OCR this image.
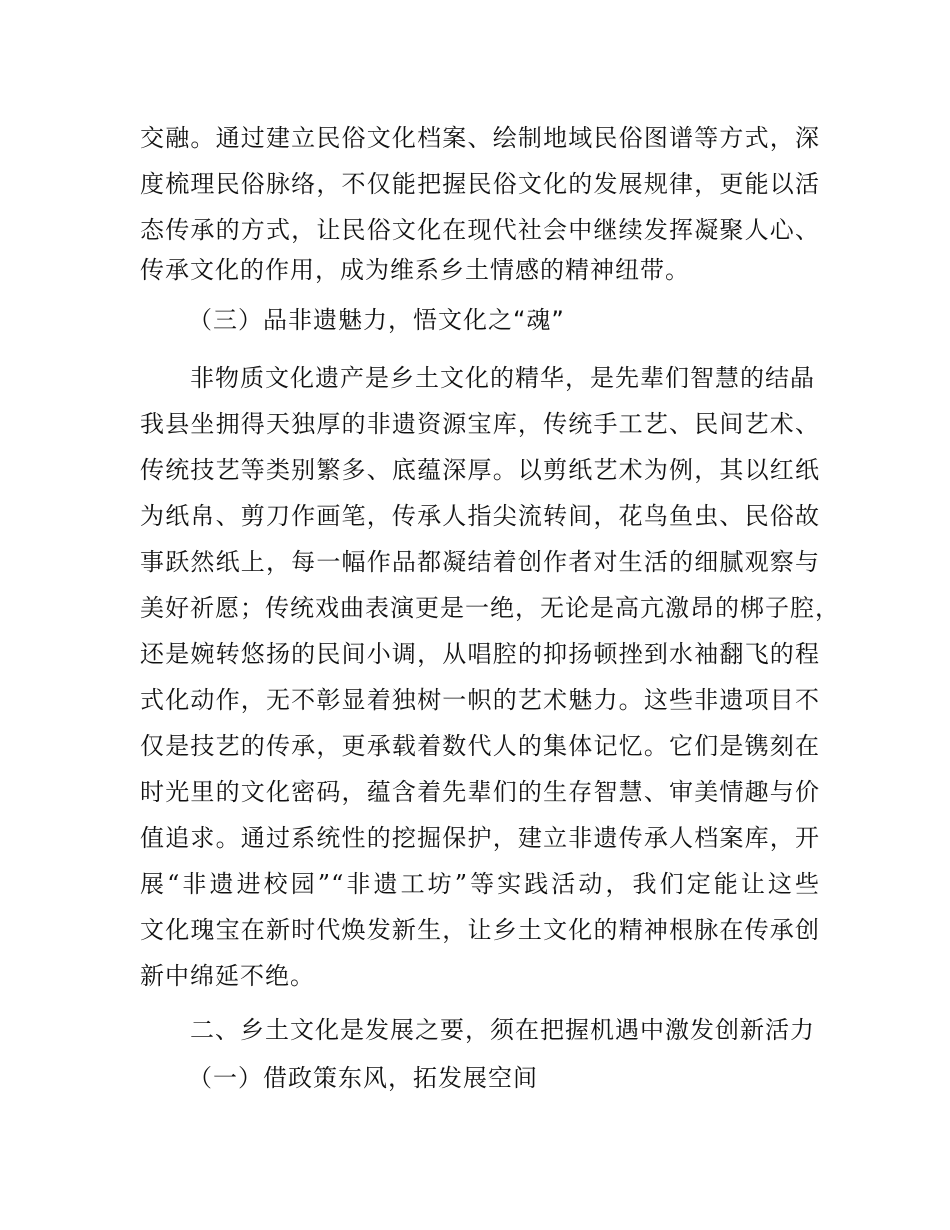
交融。通过建立民俗文化档案、绘制地域民俗图谱等方式，深
度梳理民俗脉络，不仅能把握民俗文化的发展规律，更能以活
态传承的方式，让民俗文化在现代社会中继续发挥凝聚人心、
传承文化的作用，成为维系乡土情感的精神纽带。
（三）品非遗魅力，悟文化之“魂”
非物质文化遗产是乡土文化的精华，是先辈们智慧的结晶
我县坐拥得天独厚的非遗资源宝库，传统手工艺、民间艺术、
传统技艺等类别繁多、底蕴深厚。以剪纸艺术为例，其以红纸
为纸帛、剪刀作画笔，传承人指尖流转间，花鸟鱼虫、民俗故
事跃然纸上，每一幅作品都凝结着创作者对生活的细腻观察与
美好祈愿；传统戏曲表演更是一绝，无论是高亢激昂的梆子腔，
还是婉转悠扬的民间小调，从唱腔的抑扬顿挫到水袖翻飞的程
式化动作，无不彰显着独树一帜的艺术魅力。这些非遗项目不
仅是技艺的传承，更承载着数代人的集体记忆。它们是镌刻在
时光里的文化密码，蕴含着先辈们的生存智慧、审美情趣与价
值追求。通过系统性的挖掘保护，建立非遗传承人档案库，开
展“非遗进校园”“非遗工坊”等实践活动，我们定能让这些
文化瑰宝在新时代焕发新生，让乡土文化的精神根脉在传承创
新中绵延不绝。
二、乡土文化是发展之要，须在把握机遇中激发创新活力
（一）借政策东风，拓发展空间
